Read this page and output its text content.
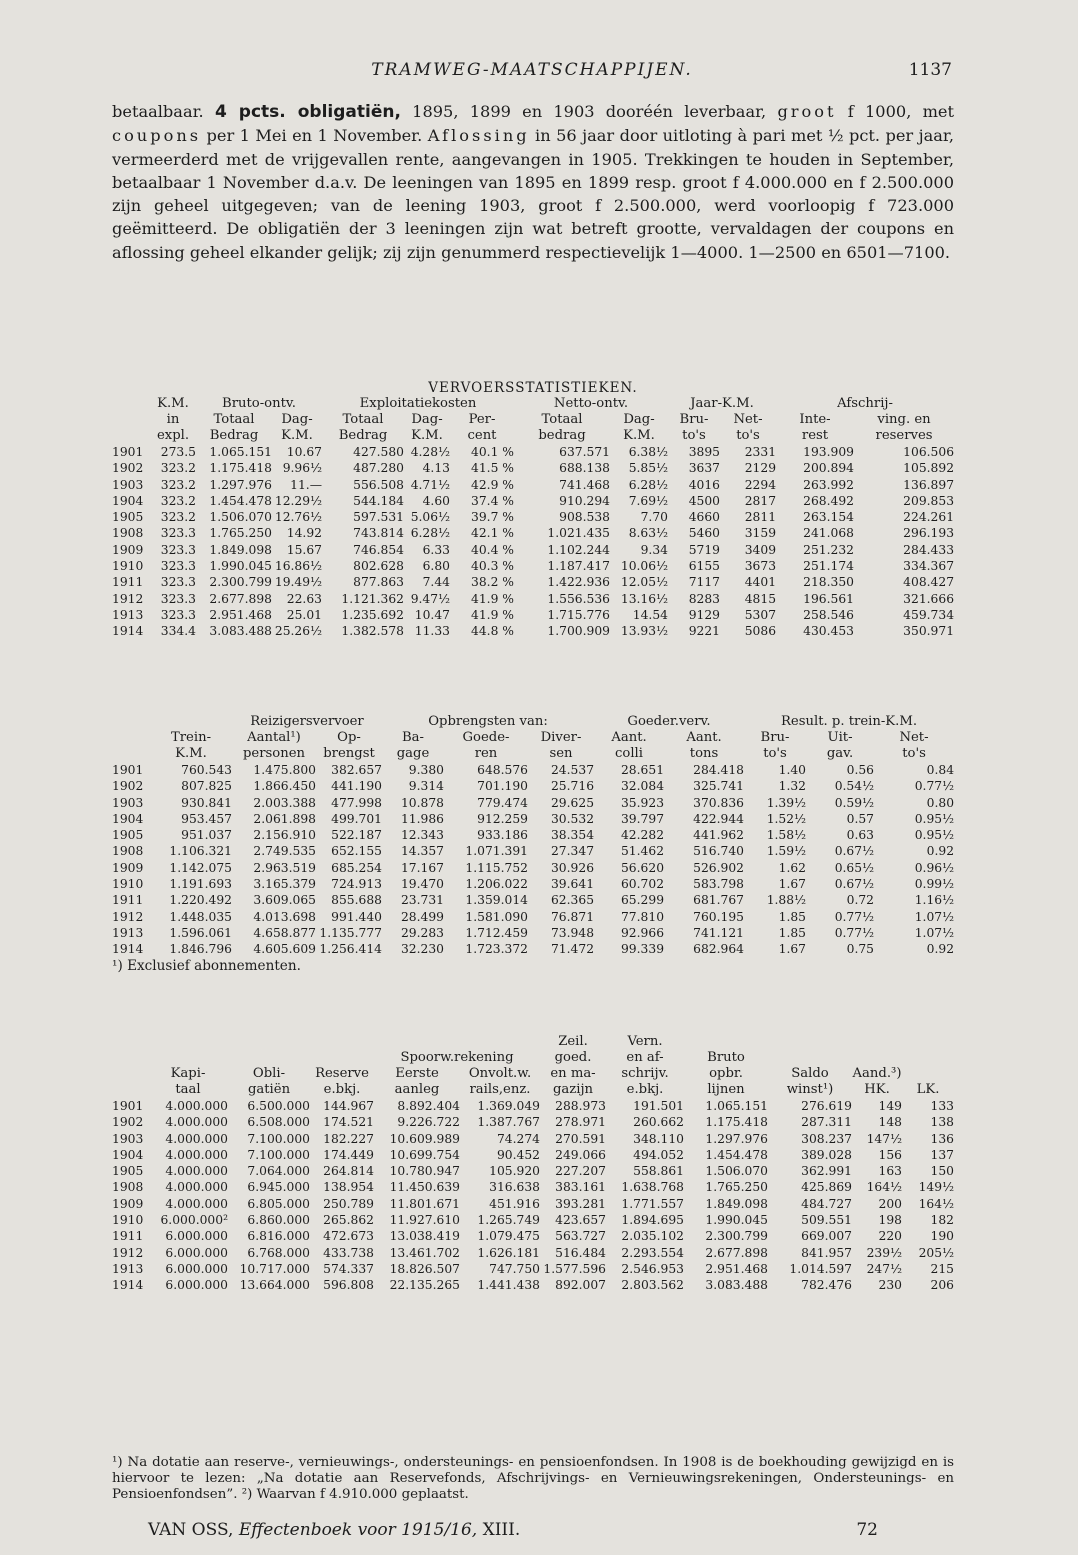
TRAMWEG-MAATSCHAPPIJEN.	1137

betaalbaar. 4 pcts. obligatiën, 1895, 1899 en 1903 dooréén leverbaar, groot f 1000, met coupons per 1 Mei en 1 November. Aflossing in 56 jaar door uitloting à pari met ½ pct. per jaar, vermeerderd met de vrijgevallen rente, aangevangen in 1905. Trekkingen te houden in September, betaalbaar 1 November d.a.v. De leeningen van 1895 en 1899 resp. groot f 4.000.000 en f 2.500.000 zijn geheel uitgegeven; van de leening 1903, groot f 2.500.000, werd voorloopig f 723.000 geëmitteerd. De obligatiën der 3 leeningen zijn wat betreft grootte, vervaldagen der coupons en aflossing geheel elkander gelijk; zij zijn genummerd respectievelijk 1—4000. 1—2500 en 6501—7100.

VERVOERSSTATISTIEKEN.
	K.M.	Bruto-ontv.		Exploitatiekosten			Netto-ontv.		Jaar-K.M.		Afschrij-	
	in	Totaal	Dag-	Totaal	Dag-	Per-	Totaal	Dag-	Bru-	Net-	Inte-	ving. en
	expl.	Bedrag	K.M.	Bedrag	K.M.	cent	bedrag	K.M.	to's	to's	rest	reserves
1901	273.5	1.065.151	10.67	427.580	4.28½	40.1 %	637.571	6.38½	3895	2331	193.909	106.506
1902	323.2	1.175.418	9.96½	487.280	4.13	41.5 %	688.138	5.85½	3637	2129	200.894	105.892
1903	323.2	1.297.976	11.—	556.508	4.71½	42.9 %	741.468	6.28½	4016	2294	263.992	136.897
1904	323.2	1.454.478	12.29½	544.184	4.60	37.4 %	910.294	7.69½	4500	2817	268.492	209.853
1905	323.2	1.506.070	12.76½	597.531	5.06½	39.7 %	908.538	7.70	4660	2811	263.154	224.261
1908	323.3	1.765.250	14.92	743.814	6.28½	42.1 %	1.021.435	8.63½	5460	3159	241.068	296.193
1909	323.3	1.849.098	15.67	746.854	6.33	40.4 %	1.102.244	9.34	5719	3409	251.232	284.433
1910	323.3	1.990.045	16.86½	802.628	6.80	40.3 %	1.187.417	10.06½	6155	3673	251.174	334.367
1911	323.3	2.300.799	19.49½	877.863	7.44	38.2 %	1.422.936	12.05½	7117	4401	218.350	408.427
1912	323.3	2.677.898	22.63	1.121.362	9.47½	41.9 %	1.556.536	13.16½	8283	4815	196.561	321.666
1913	323.3	2.951.468	25.01	1.235.692	10.47	41.9 %	1.715.776	14.54	9129	5307	258.546	459.734
1914	334.4	3.083.488	25.26½	1.382.578	11.33	44.8 %	1.700.909	13.93½	9221	5086	430.453	350.971
		Reizigersvervoer		Opbrengsten van:			Goeder.verv.		Result. p. trein-K.M.		
	Trein-	Aantal¹)	Op-	Ba-	Goede-	Diver-	Aant.	Aant.	Bru-	Uit-	Net-
	K.M.	personen	brengst	gage	ren	sen	colli	tons	to's	gav.	to's
1901	760.543	1.475.800	382.657	9.380	648.576	24.537	28.651	284.418	1.40	0.56	0.84
1902	807.825	1.866.450	441.190	9.314	701.190	25.716	32.084	325.741	1.32	0.54½	0.77½
1903	930.841	2.003.388	477.998	10.878	779.474	29.625	35.923	370.836	1.39½	0.59½	0.80
1904	953.457	2.061.898	499.701	11.986	912.259	30.532	39.797	422.944	1.52½	0.57	0.95½
1905	951.037	2.156.910	522.187	12.343	933.186	38.354	42.282	441.962	1.58½	0.63	0.95½
1908	1.106.321	2.749.535	652.155	14.357	1.071.391	27.347	51.462	516.740	1.59½	0.67½	0.92
1909	1.142.075	2.963.519	685.254	17.167	1.115.752	30.926	56.620	526.902	1.62	0.65½	0.96½
1910	1.191.693	3.165.379	724.913	19.470	1.206.022	39.641	60.702	583.798	1.67	0.67½	0.99½
1911	1.220.492	3.609.065	855.688	23.731	1.359.014	62.365	65.299	681.767	1.88½	0.72	1.16½
1912	1.448.035	4.013.698	991.440	28.499	1.581.090	76.871	77.810	760.195	1.85	0.77½	1.07½
1913	1.596.061	4.658.877	1.135.777	29.283	1.712.459	73.948	92.966	741.121	1.85	0.77½	1.07½
1914	1.846.796	4.605.609	1.256.414	32.230	1.723.372	71.472	99.339	682.964	1.67	0.75	0.92
¹) Exclusief abonnementen.
						Zeil.	Vern.				
				Spoorw.rekening		goed.	en af-	Bruto			
	Kapi-	Obli-	Reserve	Eerste	Onvolt.w.	en ma-	schrijv.	opbr.	Saldo	Aand.³)	
	taal	gatiën	e.bkj.	aanleg	rails,enz.	gazijn	e.bkj.	lijnen	winst¹)	HK.	LK.
1901	4.000.000	6.500.000	144.967	8.892.404	1.369.049	288.973	191.501	1.065.151	276.619	149	133
1902	4.000.000	6.508.000	174.521	9.226.722	1.387.767	278.971	260.662	1.175.418	287.311	148	138
1903	4.000.000	7.100.000	182.227	10.609.989	74.274	270.591	348.110	1.297.976	308.237	147½	136
1904	4.000.000	7.100.000	174.449	10.699.754	90.452	249.066	494.052	1.454.478	389.028	156	137
1905	4.000.000	7.064.000	264.814	10.780.947	105.920	227.207	558.861	1.506.070	362.991	163	150
1908	4.000.000	6.945.000	138.954	11.450.639	316.638	383.161	1.638.768	1.765.250	425.869	164½	149½
1909	4.000.000	6.805.000	250.789	11.801.671	451.916	393.281	1.771.557	1.849.098	484.727	200	164½
1910	6.000.000²	6.860.000	265.862	11.927.610	1.265.749	423.657	1.894.695	1.990.045	509.551	198	182
1911	6.000.000	6.816.000	472.673	13.038.419	1.079.475	563.727	2.035.102	2.300.799	669.007	220	190
1912	6.000.000	6.768.000	433.738	13.461.702	1.626.181	516.484	2.293.554	2.677.898	841.957	239½	205½
1913	6.000.000	10.717.000	574.337	18.826.507	747.750	1.577.596	2.546.953	2.951.468	1.014.597	247½	215
1914	6.000.000	13.664.000	596.808	22.135.265	1.441.438	892.007	2.803.562	3.083.488	782.476	230	206

¹) Na dotatie aan reserve-, vernieuwings-, ondersteunings- en pensioenfondsen. In 1908 is de boekhouding gewijzigd en is hiervoor te lezen: „Na dotatie aan Reservefonds, Afschrijvings- en Vernieuwingsrekeningen, Ondersteunings- en Pensioenfondsen”. ²) Waarvan f 4.910.000 geplaatst.

VAN OSS, Effectenboek voor 1915/16, XIII.	72
